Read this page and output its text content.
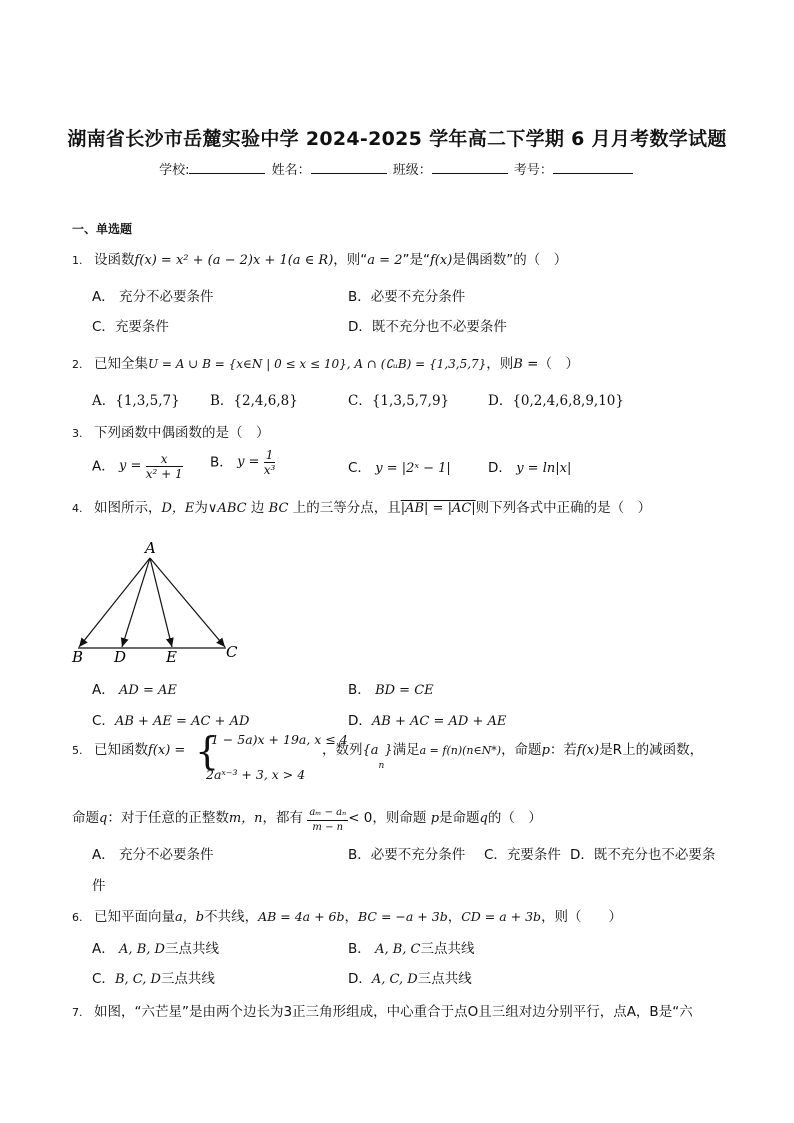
湖南省长沙市岳麓实验中学 2024-2025 学年高二下学期 6 月月考数学试题
学校:	姓名：	班级：	考号：
一、单选题
1. 设函数f(x) = x² + (a − 2)x + 1(a ∈ R)，则“a = 2”是“f(x)是偶函数”的（　）
A． 充分不必要条件	B．必要不充分条件
C．充要条件	D．既不充分也不必要条件
2. 已知全集U = A ∪ B = {x∈N | 0 ≤ x ≤ 10}, A ∩ (∁ᵤB) = {1,3,5,7}，则B =（　）
A．{1,3,5,7} B．{2,4,6,8}	C．{1,3,5,7,9}	D．{0,2,4,6,8,9,10}
3. 下列函数中偶函数的是（　）
A． $y = \frac{x}{\text{x² + 1}}$ B． $y = \frac{1}{\text{x³}}$	C． y = |2ˣ − 1|	D． y = ln|x|
4. 如图所示，D，E为∨ABC 边 BC 上的三等分点，且|AB| = |AC|则下列各式中正确的是（　）
A
B D	E	C
A． AD = AE	B． BD = CE
C．AB + AE = AC + AD	D．AB + AC = AD + AE
5. 已知函数f(x) = {
(1 − 5a)x + 19a, x ≤ 4
2aˣ⁻³ + 3, x > 4
，数列$\{a_n\}$满足a = f(n)(n∈N*)，命题p：若f(x)是R上的减函数，
命题q：对于任意的正整数m，n，都有 $\frac{\text{aₘ − aₙ}}{m - n} < 0$，则命题 p是命题q的（　）
A． 充分不必要条件	B．必要不充分条件 C．充要条件 D．既不充分也不必要条
件
6. 已知平面向量a，b不共线，AB = 4a + 6b，BC = −a + 3b，CD = a + 3b，则（　　）
A． A, B, D三点共线	B． A, B, C三点共线
C．B, C, D三点共线	D．A, C, D三点共线
7. 如图，“六芒星”是由两个边长为3正三角形组成，中心重合于点O且三组对边分别平行，点A，B是“六
